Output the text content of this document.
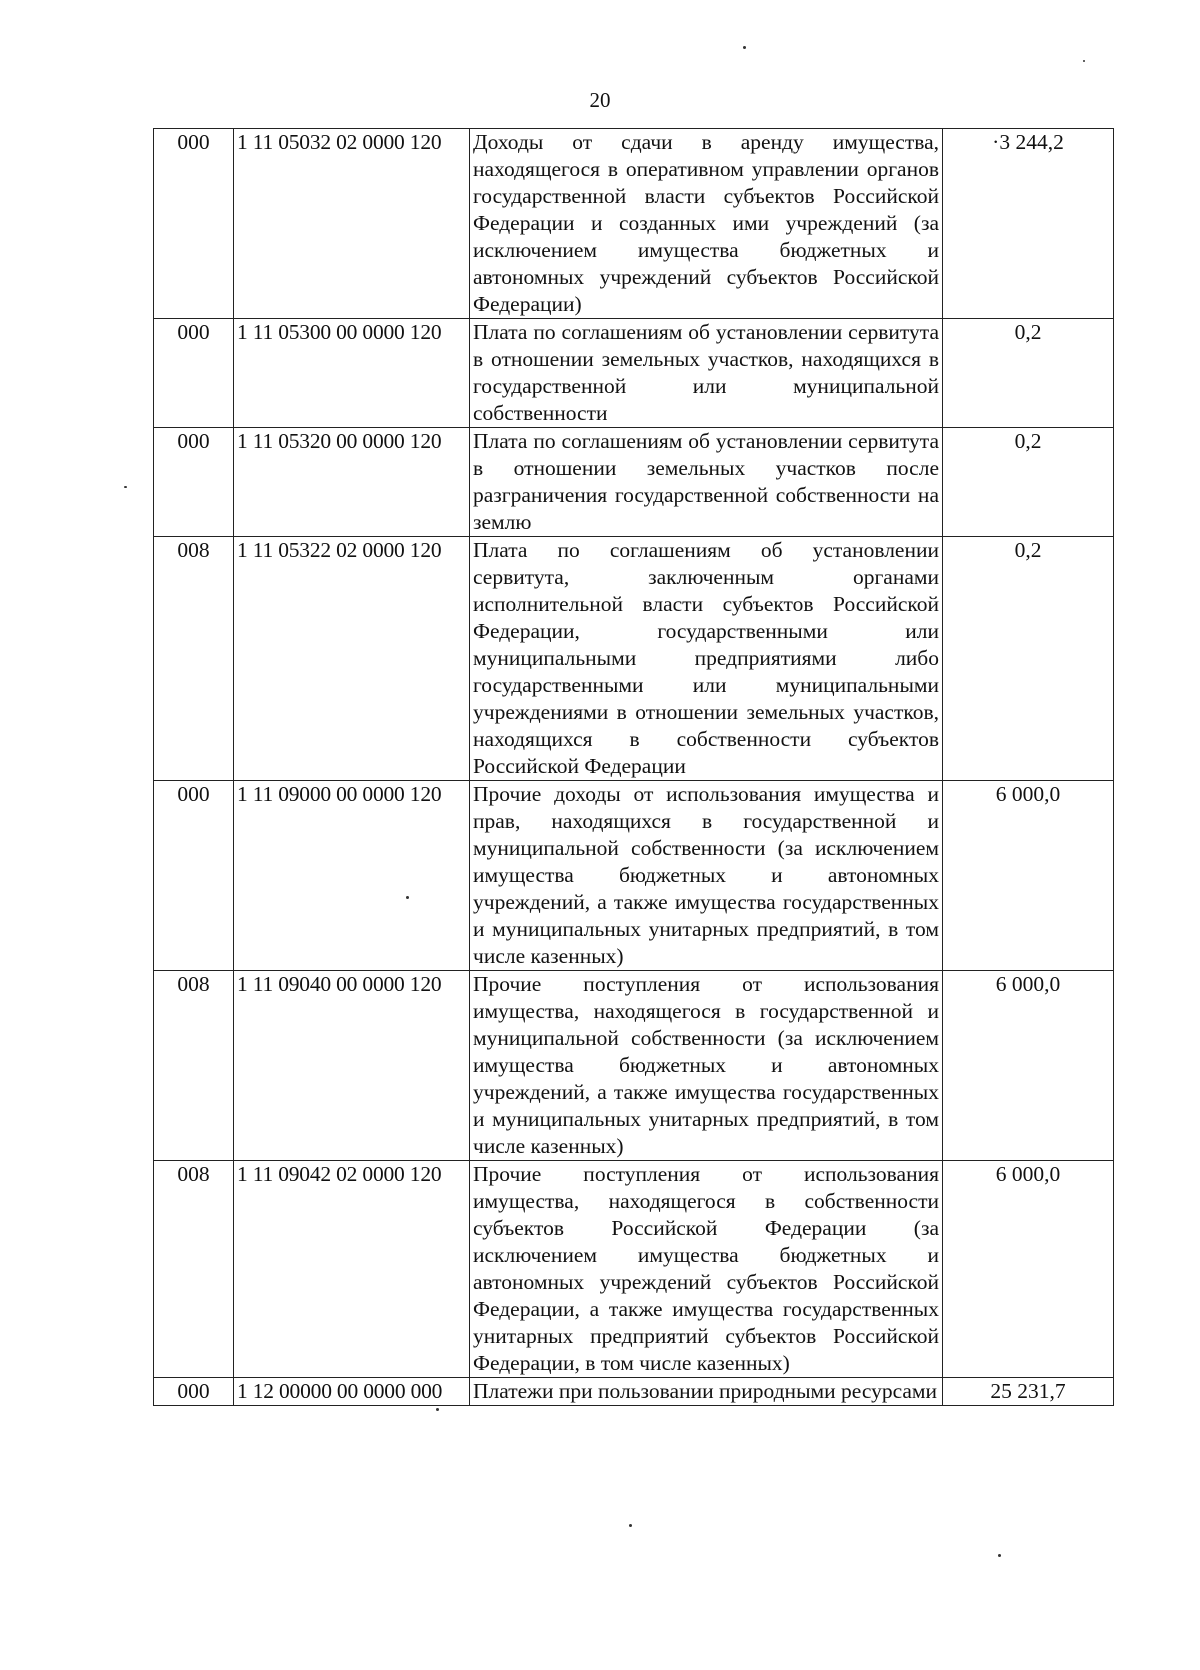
20
000	1 11 05032 02 0000 120	Доходы от сдачи в аренду имущества, находящегося в оперативном управлении органов государственной власти субъектов Российской Федерации и созданных ими учреждений (за исключением имущества бюджетных и автономных учреждений субъектов Российской Федерации)	·3 244,2
000	1 11 05300 00 0000 120	Плата по соглашениям об установлении сервитута в отношении земельных участков, находящихся в государственной или муниципальной собственности	0,2
000	1 11 05320 00 0000 120	Плата по соглашениям об установлении сервитута в отношении земельных участков после разграничения государственной собственности на землю	0,2
008	1 11 05322 02 0000 120	Плата по соглашениям об установлении сервитута, заключенным органами исполнительной власти субъектов Российской Федерации, государственными или муниципальными предприятиями либо государственными или муниципальными учреждениями в отношении земельных участков, находящихся в собственности субъектов Российской Федерации	0,2
000	1 11 09000 00 0000 120	Прочие доходы от использования имущества и прав, находящихся в государственной и муниципальной собственности (за исключением имущества бюджетных и автономных учреждений, а также имущества государственных и муниципальных унитарных предприятий, в том числе казенных)	6 000,0
008	1 11 09040 00 0000 120	Прочие поступления от использования имущества, находящегося в государственной и муниципальной собственности (за исключением имущества бюджетных и автономных учреждений, а также имущества государственных и муниципальных унитарных предприятий, в том числе казенных)	6 000,0
008	1 11 09042 02 0000 120	Прочие поступления от использования имущества, находящегося в собственности субъектов Российской Федерации (за исключением имущества бюджетных и автономных учреждений субъектов Российской Федерации, а также имущества государственных унитарных предприятий субъектов Российской Федерации, в том числе казенных)	6 000,0
000	1 12 00000 00 0000 000	Платежи при пользовании природными ресурсами	25 231,7
